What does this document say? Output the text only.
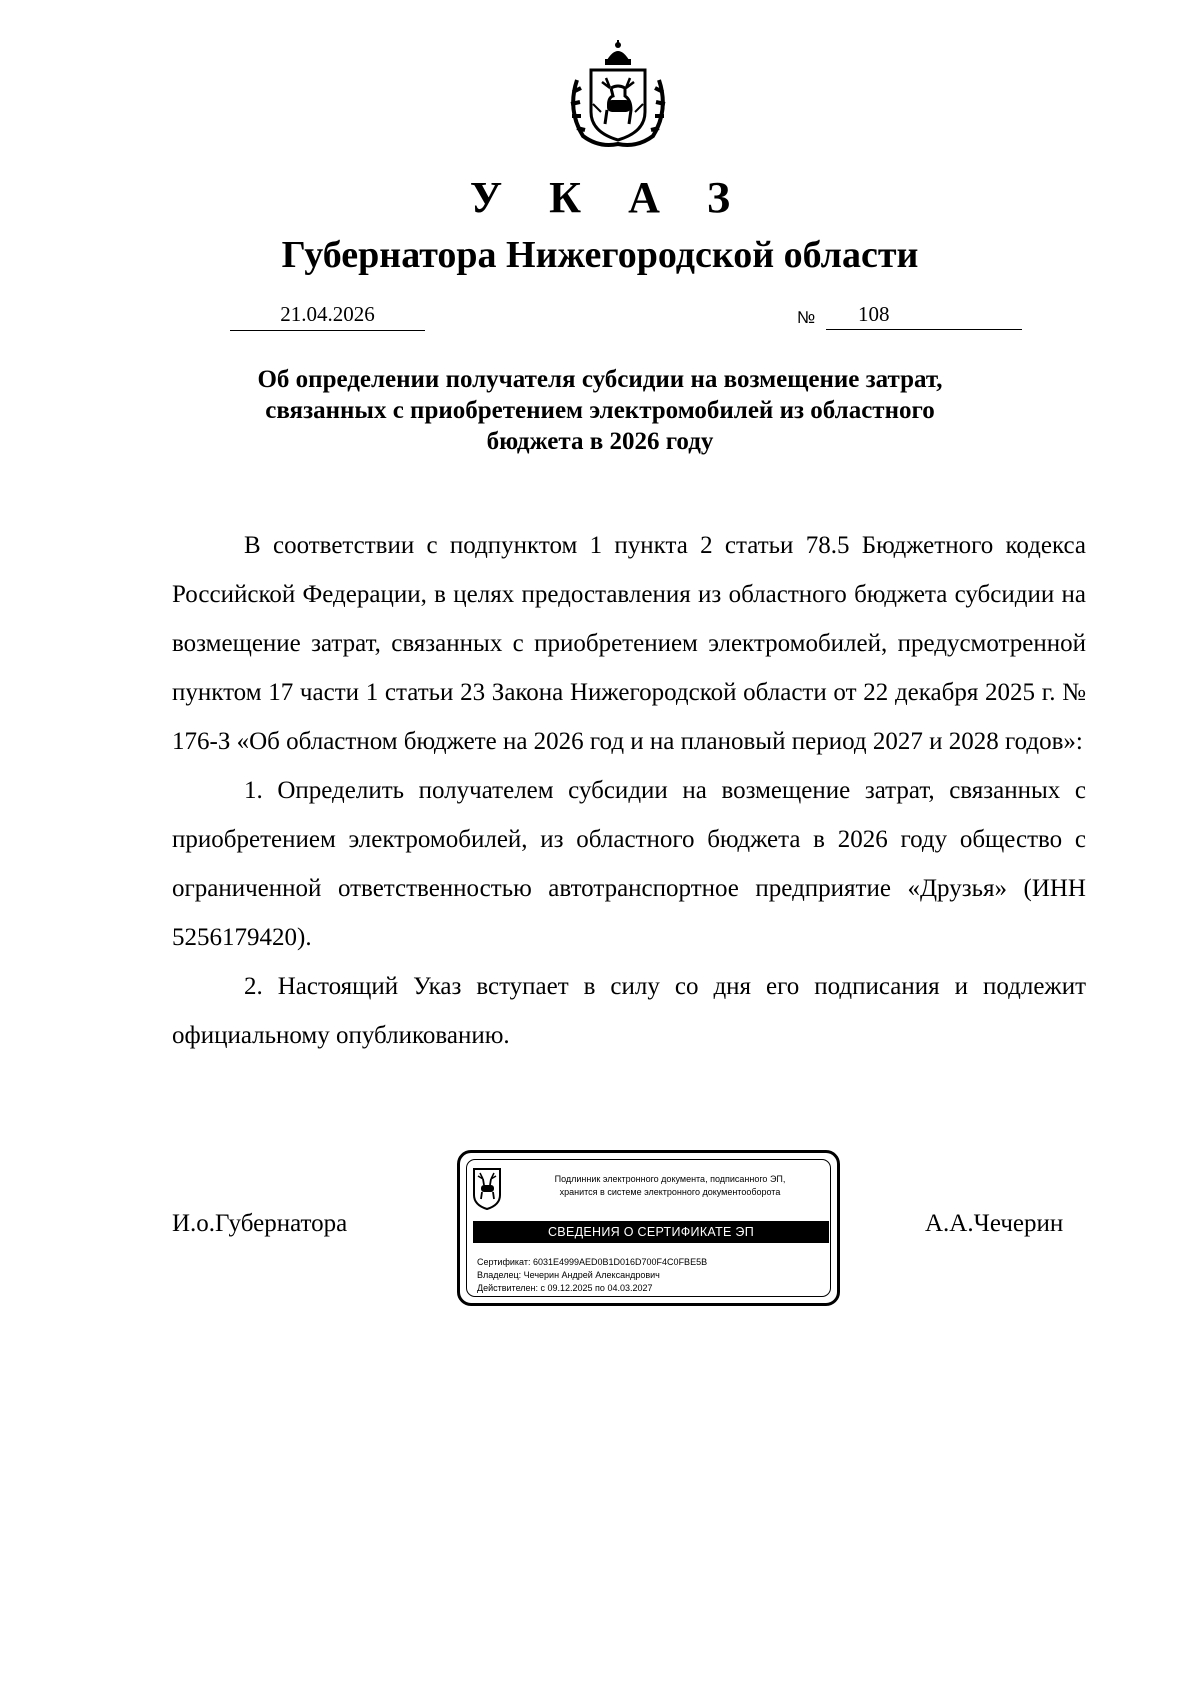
У К А З
Губернатора Нижегородской области
21.04.2026	№	108
Об определении получателя субсидии на возмещение затрат,
связанных с приобретением электромобилей из областного
бюджета в 2026 году

В соответствии с подпунктом 1 пункта 2 статьи 78.5 Бюджетного кодекса Российской Федерации, в целях предоставления из областного бюджета субсидии на возмещение затрат, связанных с приобретением электромобилей, предусмотренной пунктом 17 части 1 статьи 23 Закона Нижегородской области от 22 декабря 2025 г. № 176-З «Об областном бюджете на 2026 год и на плановый период 2027 и 2028 годов»:

1. Определить получателем субсидии на возмещение затрат, связанных с приобретением электромобилей, из областного бюджета в 2026 году общество с ограниченной ответственностью автотранспортное предприятие «Друзья» (ИНН 5256179420).

2. Настоящий Указ вступает в силу со дня его подписания и подлежит официальному опубликованию.

И.о.Губернатора	А.А.Чечерин
Подлинник электронного документа, подписанного ЭП,
хранится в системе электронного документооборота
СВЕДЕНИЯ О СЕРТИФИКАТЕ ЭП
Сертификат: 6031E4999AED0B1D016D700F4C0FBE5B
Владелец: Чечерин Андрей Александрович
Действителен: с 09.12.2025 по 04.03.2027
